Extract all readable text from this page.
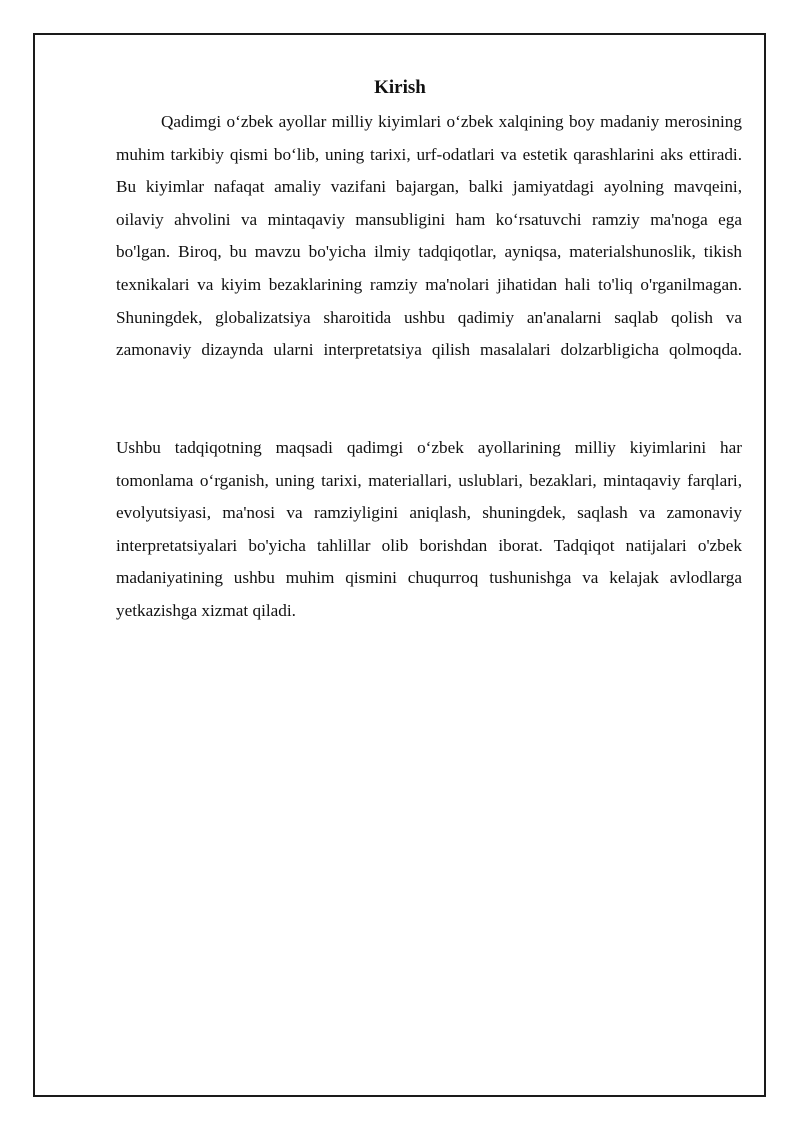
Kirish

Qadimgi o‘zbek ayollar milliy kiyimlari o‘zbek xalqining boy madaniy merosining muhim tarkibiy qismi bo‘lib, uning tarixi, urf-odatlari va estetik qarashlarini aks ettiradi. Bu kiyimlar nafaqat amaliy vazifani bajargan, balki jamiyatdagi ayolning mavqeini, oilaviy ahvolini va mintaqaviy mansubligini ham ko‘rsatuvchi ramziy ma'noga ega bo'lgan. Biroq, bu mavzu bo'yicha ilmiy tadqiqotlar, ayniqsa, materialshunoslik, tikish texnikalari va kiyim bezaklarining ramziy ma'nolari jihatidan hali to'liq o'rganilmagan. Shuningdek, globalizatsiya sharoitida ushbu qadimiy an'analarni saqlab qolish va zamonaviy dizaynda ularni interpretatsiya qilish masalalari dolzarbligicha qolmoqda.

Ushbu tadqiqotning maqsadi qadimgi o‘zbek ayollarining milliy kiyimlarini har tomonlama o‘rganish, uning tarixi, materiallari, uslublari, bezaklari, mintaqaviy farqlari, evolyutsiyasi, ma'nosi va ramziyligini aniqlash, shuningdek, saqlash va zamonaviy interpretatsiyalari bo'yicha tahlillar olib borishdan iborat. Tadqiqot natijalari o'zbek madaniyatining ushbu muhim qismini chuqurroq tushunishga va kelajak avlodlarga yetkazishga xizmat qiladi.
